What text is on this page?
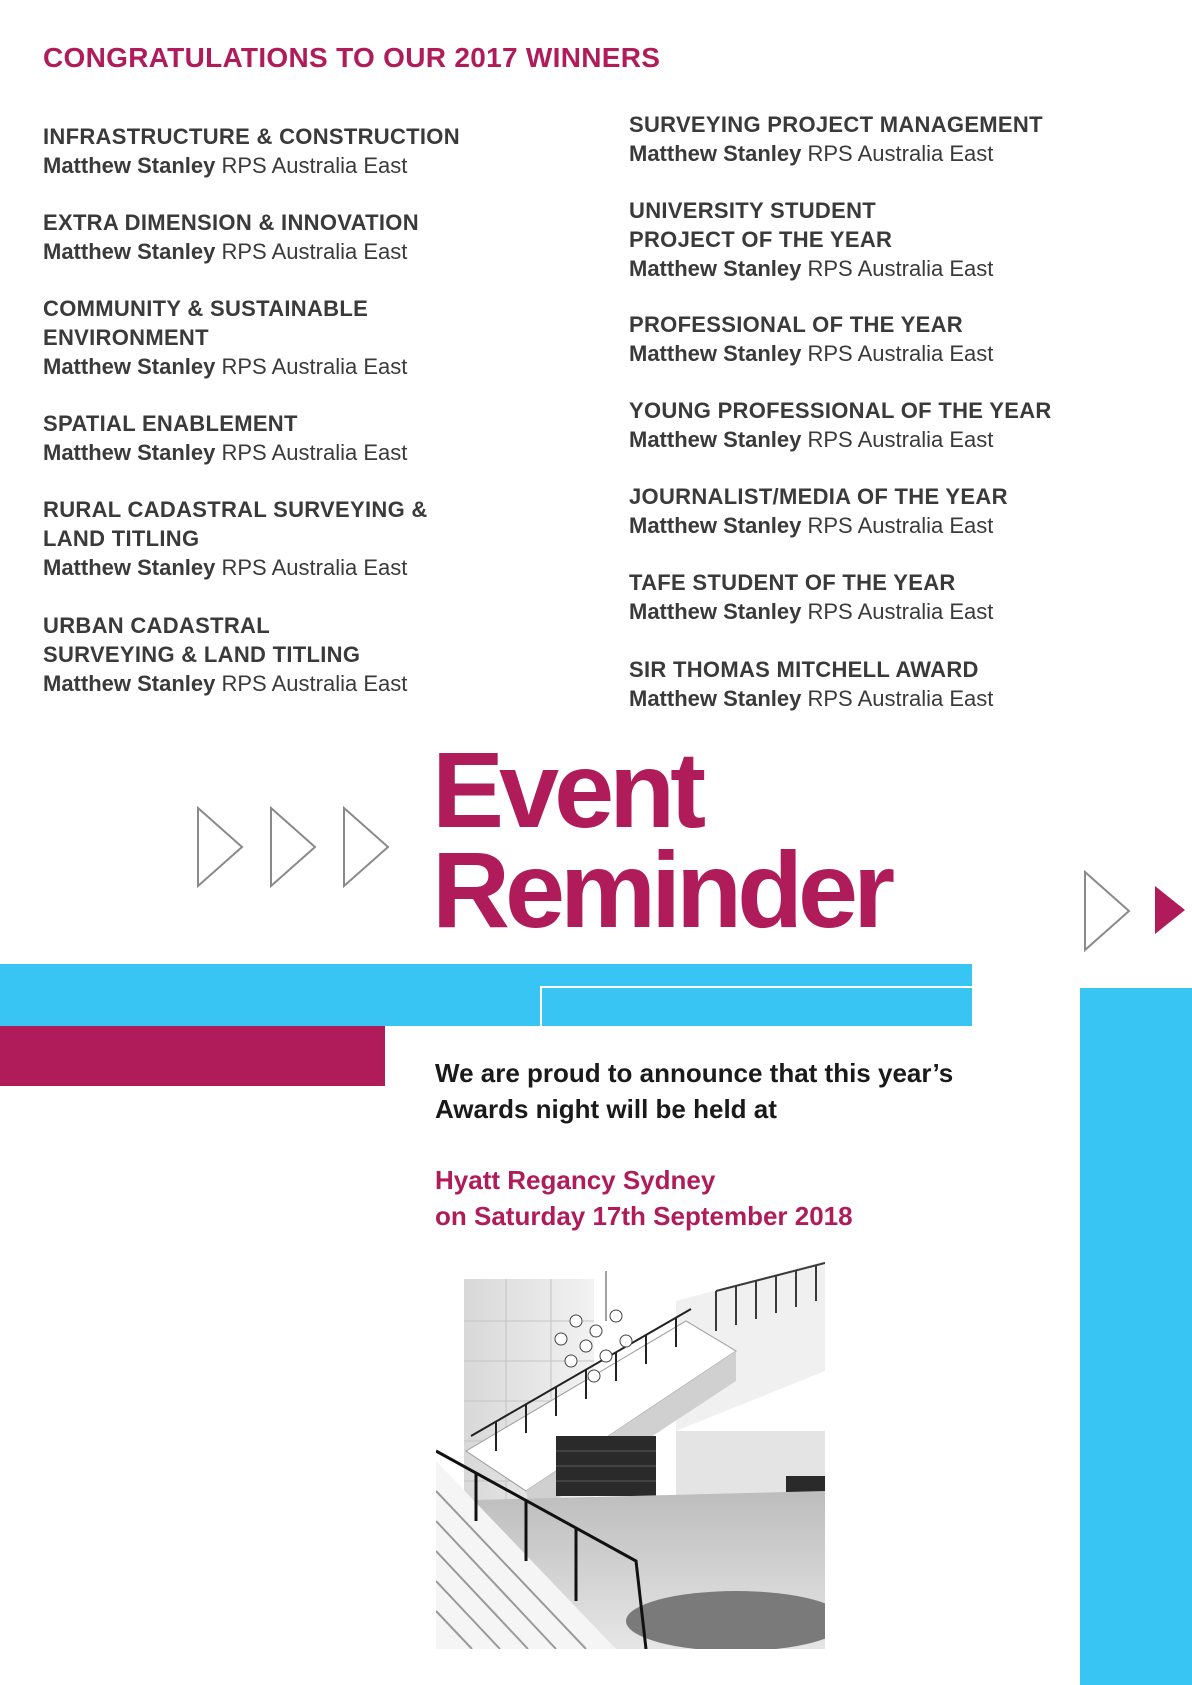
CONGRATULATIONS TO OUR 2017 WINNERS
INFRASTRUCTURE & CONSTRUCTION
Matthew Stanley RPS Australia East
EXTRA DIMENSION & INNOVATION
Matthew Stanley RPS Australia East
COMMUNITY & SUSTAINABLE
ENVIRONMENT
Matthew Stanley RPS Australia East
SPATIAL ENABLEMENT
Matthew Stanley RPS Australia East
RURAL CADASTRAL SURVEYING &
LAND TITLING
Matthew Stanley RPS Australia East
URBAN CADASTRAL
SURVEYING & LAND TITLING
Matthew Stanley RPS Australia East
SURVEYING PROJECT MANAGEMENT
Matthew Stanley RPS Australia East
UNIVERSITY STUDENT
PROJECT OF THE YEAR
Matthew Stanley RPS Australia East
PROFESSIONAL OF THE YEAR
Matthew Stanley RPS Australia East
YOUNG PROFESSIONAL OF THE YEAR
Matthew Stanley RPS Australia East
JOURNALIST/MEDIA OF THE YEAR
Matthew Stanley RPS Australia East
TAFE STUDENT OF THE YEAR
Matthew Stanley RPS Australia East
SIR THOMAS MITCHELL AWARD
Matthew Stanley RPS Australia East
Event
Reminder
We are proud to announce that this year’s
Awards night will be held at
Hyatt Regancy Sydney
on Saturday 17th September 2018
